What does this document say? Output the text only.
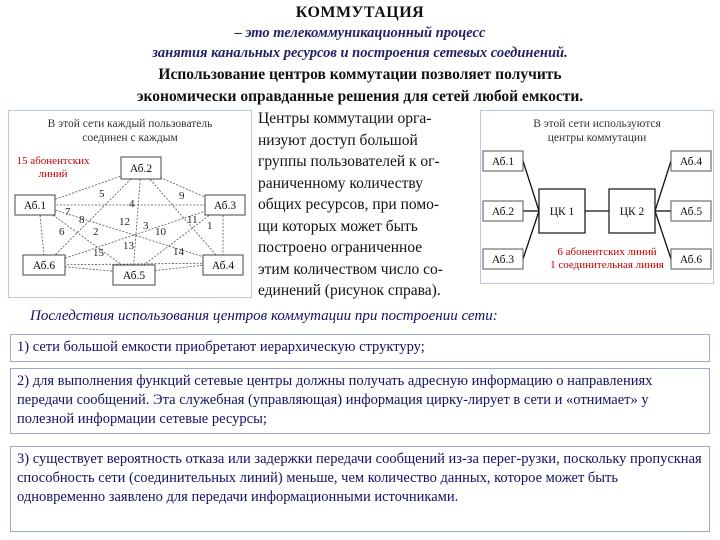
КОММУТАЦИЯ
– это телекоммуникационный процесс
занятия канальных ресурсов и построения сетевых соединений.
Использование центров коммутации позволяет получить
экономически оправданные решения для сетей любой емкости.
В этой сети каждый пользователь
соединен с каждым
15 абонентских
линий
5
4
9
7
8	12	11 1
6	2	3 10
13
15	14
Аб.1
Аб.2
Аб.3
Аб.4
Аб.5
Аб.6
Центры коммутации орга-
низуют доступ большой
группы пользователей к ог-
раниченному количеству
общих ресурсов, при помо-
щи которых может быть
построено ограниченное
этим количеством число со-
единений (рисунок справа).
В этой сети используются
центры коммутации
ЦК 1	ЦК 2
Аб.1
Аб.2
Аб.3
Аб.4
Аб.5
Аб.6
6 абонентских линий
1 соединительная линия
Последствия использования центров коммутации при построении сети:
1) сети большой емкости приобретают иерархическую структуру;
2) для выполнения функций сетевые центры должны получать адресную информацию о направлениях передачи сообщений. Эта служебная (управляющая) информация цирку-лирует в сети и «отнимает» у полезной информации сетевые ресурсы;
3) существует вероятность отказа или задержки передачи сообщений из-за перег-рузки, поскольку пропускная способность сети (соединительных линий) меньше, чем количество данных, которое может быть одновременно заявлено для передачи информационными источниками.
